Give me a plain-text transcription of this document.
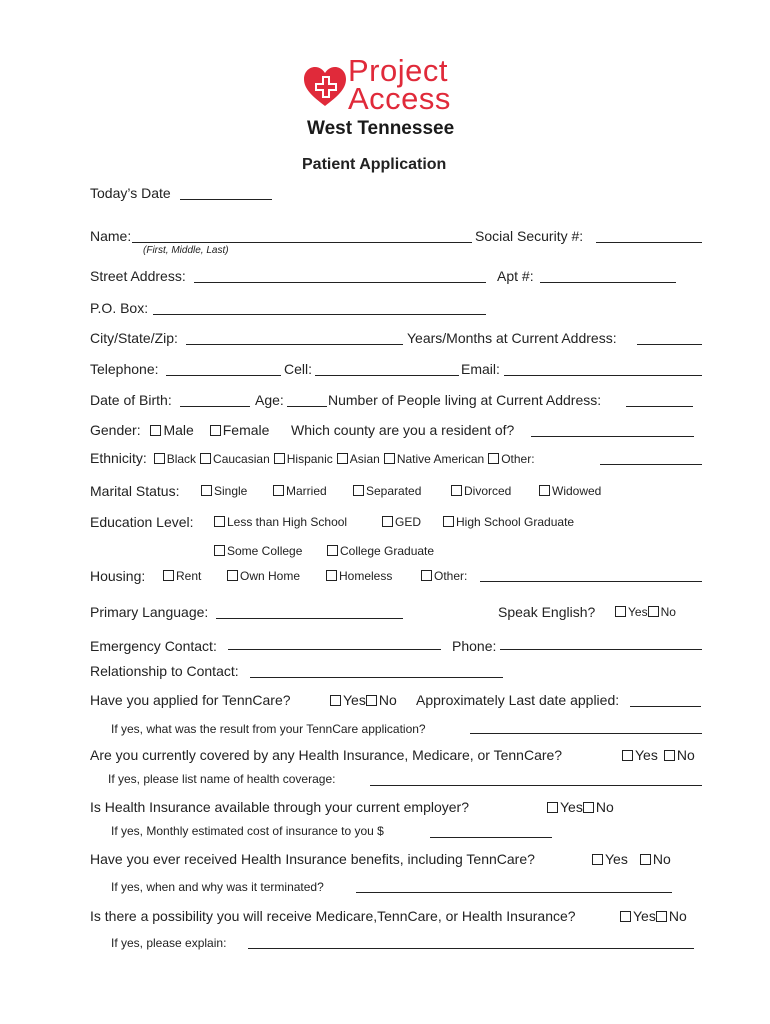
Project
Access
West Tennessee
Patient Application
Today’s Date
Name:
(First, Middle, Last)
Social Security #:
Street Address:	Apt #:
P.O. Box:
City/State/Zip:	Years/Months at Current Address:
Telephone:	Cell:	Email:
Date of Birth:	Age:	Number of People living at Current Address:
Gender: Male Female Which county are you a resident of?
Ethnicity: Black Caucasian Hispanic Asian Native American Other:
Marital Status:	Single	Married	Separated	Divorced	Widowed
Education Level:	Less than High School	GED	High School Graduate
Some College	College Graduate
Housing:	Rent	Own Home	Homeless	Other:
Primary Language:	Speak English?	Yes No
Emergency Contact:	Phone:
Relationship to Contact:
Have you applied for TennCare?	Yes No Approximately Last date applied:
If yes, what was the result from your TennCare application?
Are you currently covered by any Health Insurance, Medicare, or TennCare?	Yes No
If yes, please list name of health coverage:
Is Health Insurance available through your current employer?	Yes No
If yes, Monthly estimated cost of insurance to you $
Have you ever received Health Insurance benefits, including TennCare?	Yes No
If yes, when and why was it terminated?
Is there a possibility you will receive Medicare,TennCare, or Health Insurance?	Yes No
If yes, please explain:
